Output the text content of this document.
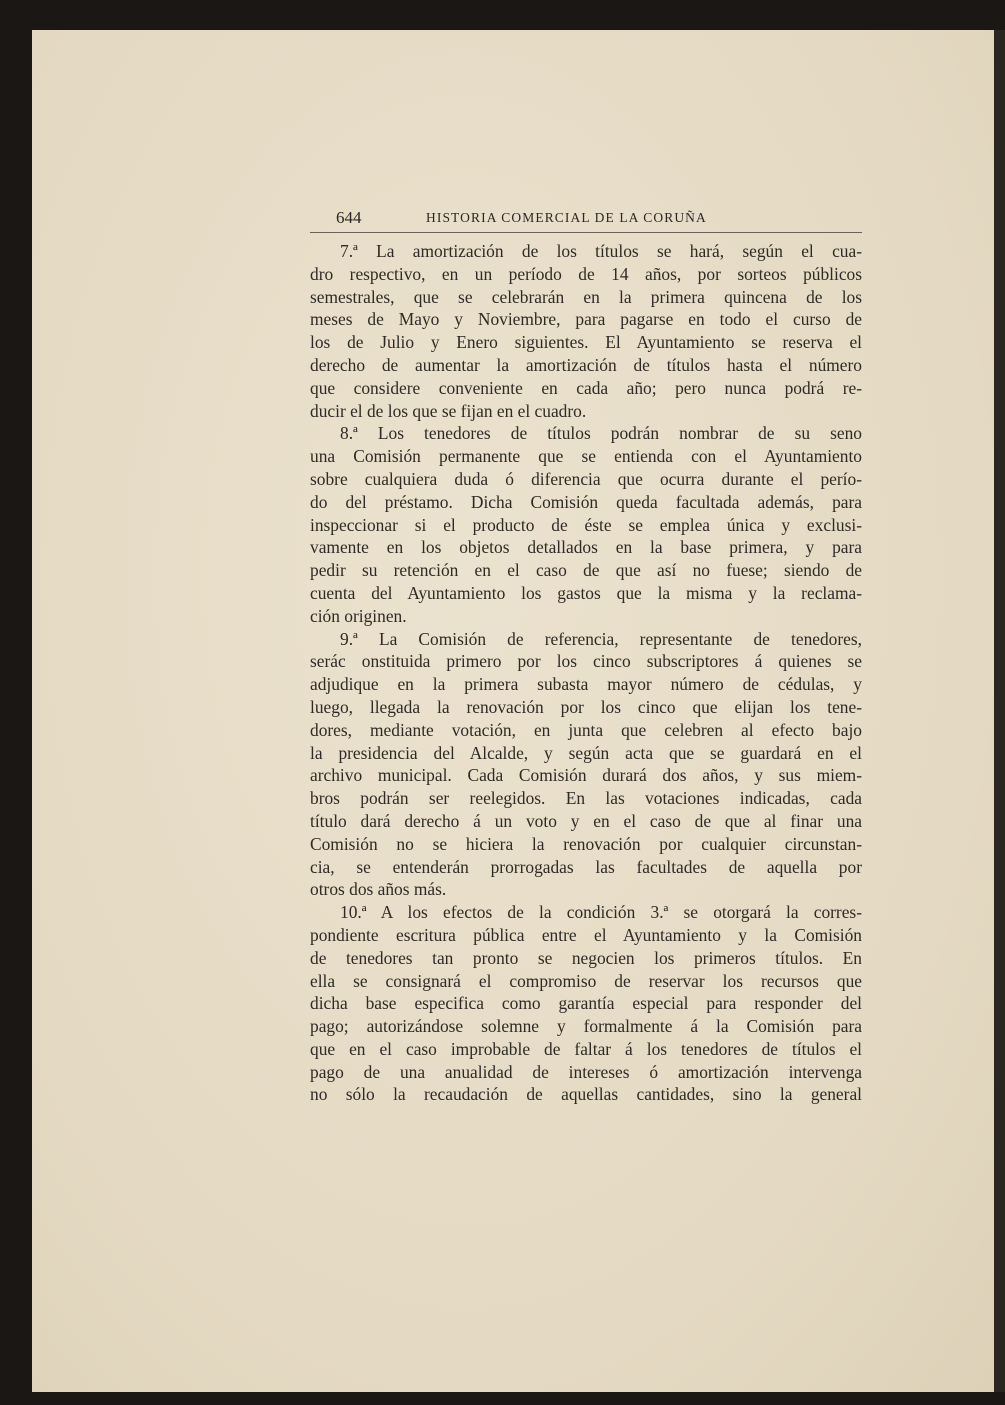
644	HISTORIA COMERCIAL DE LA CORUÑA
7.ª La amortización de los títulos se hará, según el cua-
dro respectivo, en un período de 14 años, por sorteos públicos
semestrales, que se celebrarán en la primera quincena de los
meses de Mayo y Noviembre, para pagarse en todo el curso de
los de Julio y Enero siguientes. El Ayuntamiento se reserva el
derecho de aumentar la amortización de títulos hasta el número
que considere conveniente en cada año; pero nunca podrá re-
ducir el de los que se fijan en el cuadro.
8.ª Los tenedores de títulos podrán nombrar de su seno
una Comisión permanente que se entienda con el Ayuntamiento
sobre cualquiera duda ó diferencia que ocurra durante el perío-
do del préstamo. Dicha Comisión queda facultada además, para
inspeccionar si el producto de éste se emplea única y exclusi-
vamente en los objetos detallados en la base primera, y para
pedir su retención en el caso de que así no fuese; siendo de
cuenta del Ayuntamiento los gastos que la misma y la reclama-
ción originen.
9.ª La Comisión de referencia, representante de tenedores,
serác onstituida primero por los cinco subscriptores á quienes se
adjudique en la primera subasta mayor número de cédulas, y
luego, llegada la renovación por los cinco que elijan los tene-
dores, mediante votación, en junta que celebren al efecto bajo
la presidencia del Alcalde, y según acta que se guardará en el
archivo municipal. Cada Comisión durará dos años, y sus miem-
bros podrán ser reelegidos. En las votaciones indicadas, cada
título dará derecho á un voto y en el caso de que al finar una
Comisión no se hiciera la renovación por cualquier circunstan-
cia, se entenderán prorrogadas las facultades de aquella por
otros dos años más.
10.ª A los efectos de la condición 3.ª se otorgará la corres-
pondiente escritura pública entre el Ayuntamiento y la Comisión
de tenedores tan pronto se negocien los primeros títulos. En
ella se consignará el compromiso de reservar los recursos que
dicha base especifica como garantía especial para responder del
pago; autorizándose solemne y formalmente á la Comisión para
que en el caso improbable de faltar á los tenedores de títulos el
pago de una anualidad de intereses ó amortización intervenga
no sólo la recaudación de aquellas cantidades, sino la general
